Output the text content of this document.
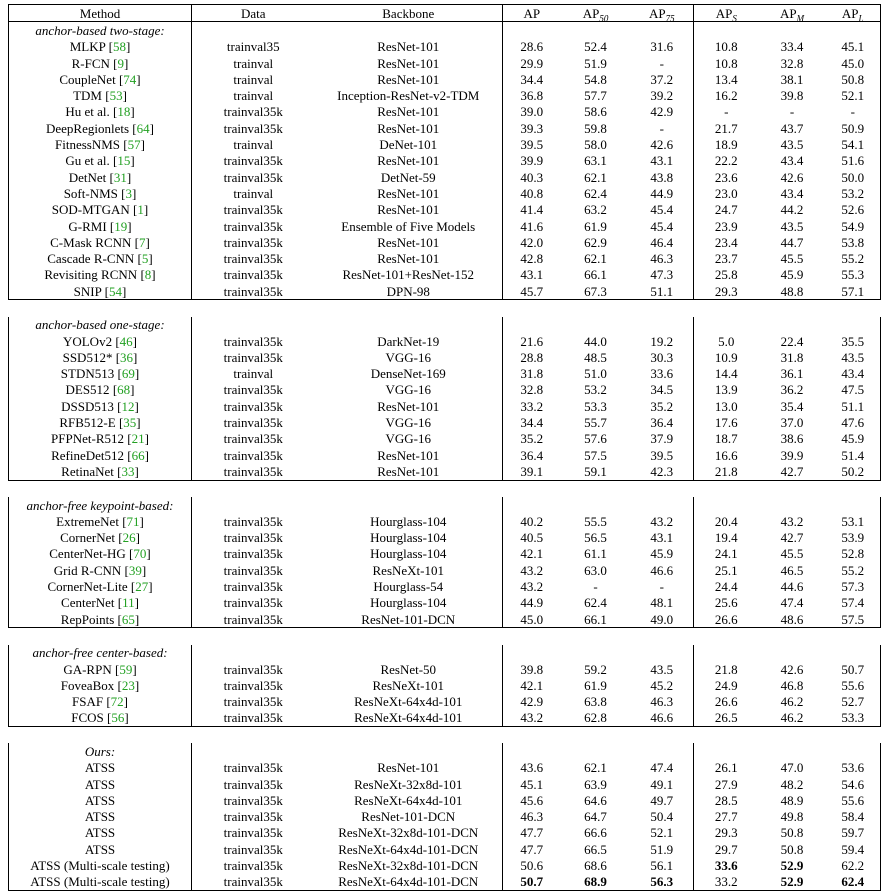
Method	Data	Backbone	AP	$AP_{50}$	$AP_{75}$	$AP_S$	$AP_M$	$AP_L$
anchor-based two-stage:								
MLKP [58]	trainval35	ResNet-101	28.6	52.4	31.6	10.8	33.4	45.1
R-FCN [9]	trainval	ResNet-101	29.9	51.9	-	10.8	32.8	45.0
CoupleNet [74]	trainval	ResNet-101	34.4	54.8	37.2	13.4	38.1	50.8
TDM [53]	trainval	Inception-ResNet-v2-TDM	36.8	57.7	39.2	16.2	39.8	52.1
Hu et al. [18]	trainval35k	ResNet-101	39.0	58.6	42.9	-	-	-
DeepRegionlets [64]	trainval35k	ResNet-101	39.3	59.8	-	21.7	43.7	50.9
FitnessNMS [57]	trainval	DeNet-101	39.5	58.0	42.6	18.9	43.5	54.1
Gu et al. [15]	trainval35k	ResNet-101	39.9	63.1	43.1	22.2	43.4	51.6
DetNet [31]	trainval35k	DetNet-59	40.3	62.1	43.8	23.6	42.6	50.0
Soft-NMS [3]	trainval	ResNet-101	40.8	62.4	44.9	23.0	43.4	53.2
SOD-MTGAN [1]	trainval35k	ResNet-101	41.4	63.2	45.4	24.7	44.2	52.6
G-RMI [19]	trainval35k	Ensemble of Five Models	41.6	61.9	45.4	23.9	43.5	54.9
C-Mask RCNN [7]	trainval35k	ResNet-101	42.0	62.9	46.4	23.4	44.7	53.8
Cascade R-CNN [5]	trainval35k	ResNet-101	42.8	62.1	46.3	23.7	45.5	55.2
Revisiting RCNN [8]	trainval35k	ResNet-101+ResNet-152	43.1	66.1	47.3	25.8	45.9	55.3
SNIP [54]	trainval35k	DPN-98	45.7	67.3	51.1	29.3	48.8	57.1

anchor-based one-stage:								
YOLOv2 [46]	trainval35k	DarkNet-19	21.6	44.0	19.2	5.0	22.4	35.5
SSD512* [36]	trainval35k	VGG-16	28.8	48.5	30.3	10.9	31.8	43.5
STDN513 [69]	trainval	DenseNet-169	31.8	51.0	33.6	14.4	36.1	43.4
DES512 [68]	trainval35k	VGG-16	32.8	53.2	34.5	13.9	36.2	47.5
DSSD513 [12]	trainval35k	ResNet-101	33.2	53.3	35.2	13.0	35.4	51.1
RFB512-E [35]	trainval35k	VGG-16	34.4	55.7	36.4	17.6	37.0	47.6
PFPNet-R512 [21]	trainval35k	VGG-16	35.2	57.6	37.9	18.7	38.6	45.9
RefineDet512 [66]	trainval35k	ResNet-101	36.4	57.5	39.5	16.6	39.9	51.4
RetinaNet [33]	trainval35k	ResNet-101	39.1	59.1	42.3	21.8	42.7	50.2

anchor-free keypoint-based:								
ExtremeNet [71]	trainval35k	Hourglass-104	40.2	55.5	43.2	20.4	43.2	53.1
CornerNet [26]	trainval35k	Hourglass-104	40.5	56.5	43.1	19.4	42.7	53.9
CenterNet-HG [70]	trainval35k	Hourglass-104	42.1	61.1	45.9	24.1	45.5	52.8
Grid R-CNN [39]	trainval35k	ResNeXt-101	43.2	63.0	46.6	25.1	46.5	55.2
CornerNet-Lite [27]	trainval35k	Hourglass-54	43.2	-	-	24.4	44.6	57.3
CenterNet [11]	trainval35k	Hourglass-104	44.9	62.4	48.1	25.6	47.4	57.4
RepPoints [65]	trainval35k	ResNet-101-DCN	45.0	66.1	49.0	26.6	48.6	57.5

anchor-free center-based:								
GA-RPN [59]	trainval35k	ResNet-50	39.8	59.2	43.5	21.8	42.6	50.7
FoveaBox [23]	trainval35k	ResNeXt-101	42.1	61.9	45.2	24.9	46.8	55.6
FSAF [72]	trainval35k	ResNeXt-64x4d-101	42.9	63.8	46.3	26.6	46.2	52.7
FCOS [56]	trainval35k	ResNeXt-64x4d-101	43.2	62.8	46.6	26.5	46.2	53.3

Ours:								
ATSS	trainval35k	ResNet-101	43.6	62.1	47.4	26.1	47.0	53.6
ATSS	trainval35k	ResNeXt-32x8d-101	45.1	63.9	49.1	27.9	48.2	54.6
ATSS	trainval35k	ResNeXt-64x4d-101	45.6	64.6	49.7	28.5	48.9	55.6
ATSS	trainval35k	ResNet-101-DCN	46.3	64.7	50.4	27.7	49.8	58.4
ATSS	trainval35k	ResNeXt-32x8d-101-DCN	47.7	66.6	52.1	29.3	50.8	59.7
ATSS	trainval35k	ResNeXt-64x4d-101-DCN	47.7	66.5	51.9	29.7	50.8	59.4
ATSS (Multi-scale testing)	trainval35k	ResNeXt-32x8d-101-DCN	50.6	68.6	56.1	33.6	52.9	62.2
ATSS (Multi-scale testing)	trainval35k	ResNeXt-64x4d-101-DCN	50.7	68.9	56.3	33.2	52.9	62.4
